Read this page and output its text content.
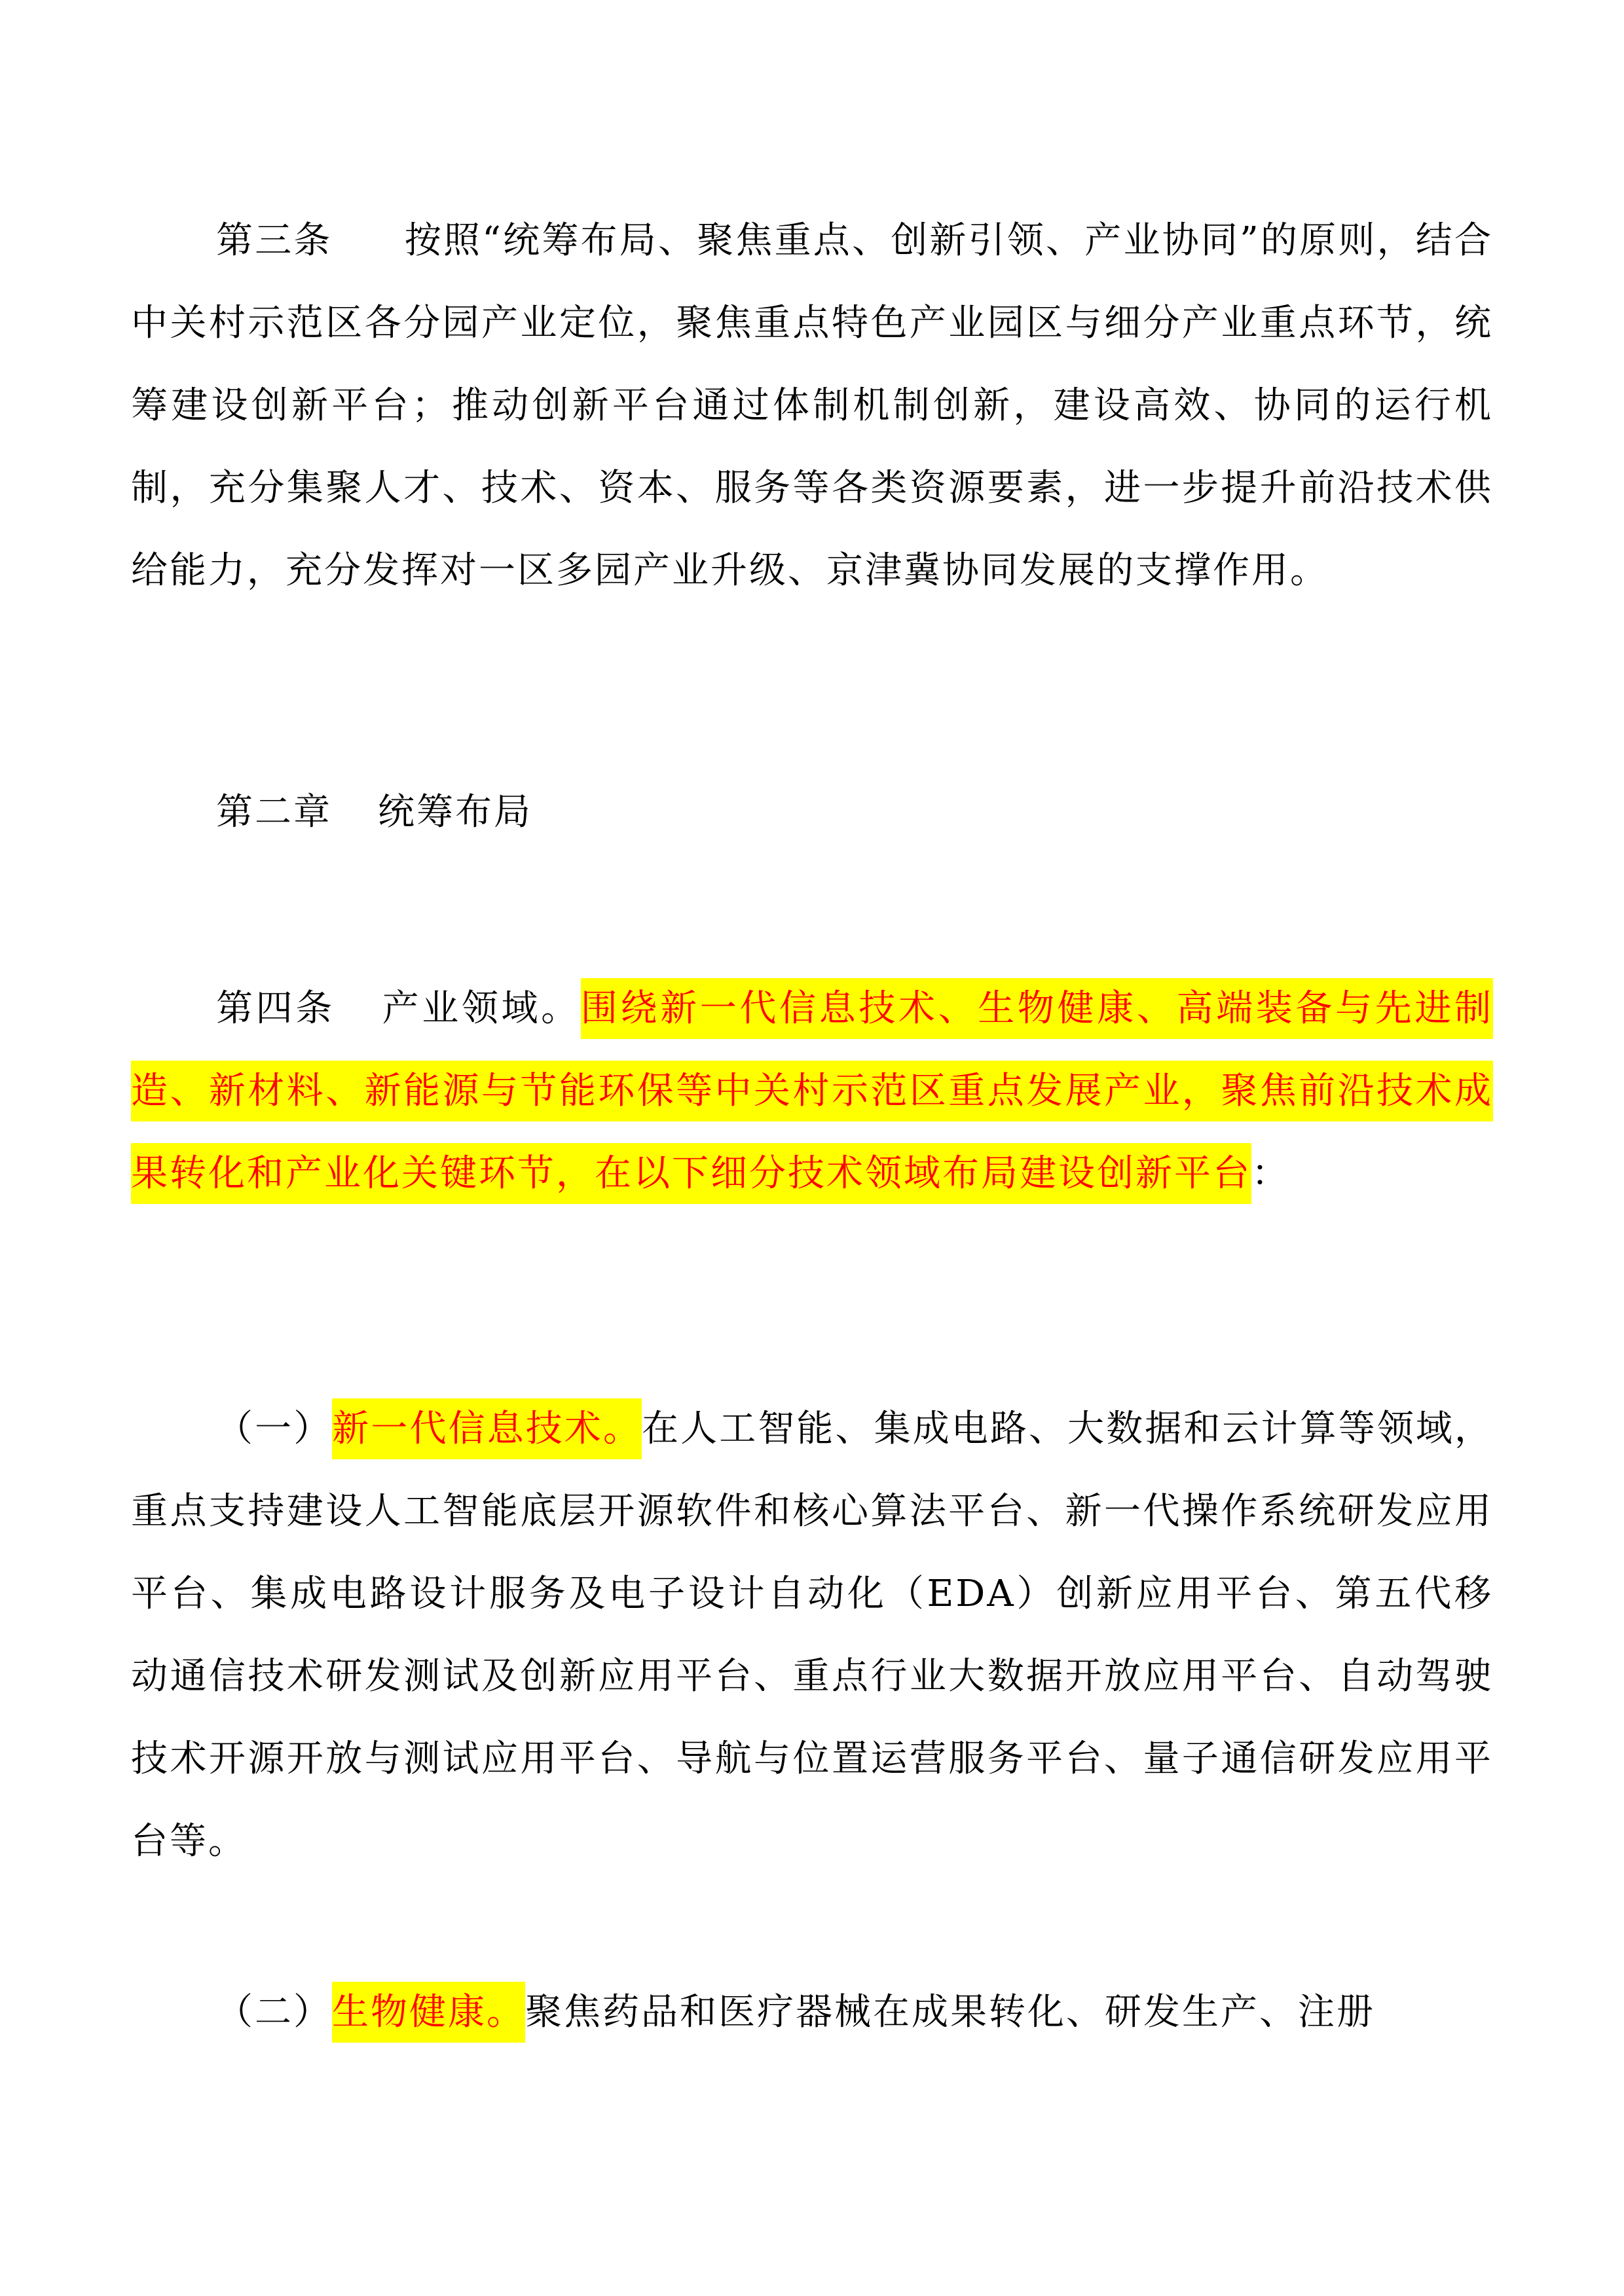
第三条 按照“统筹布局、聚焦重点、创新引领、产业协同”的原则，结合中关村示范区各分园产业定位，聚焦重点特色产业园区与细分产业重点环节，统筹建设创新平台；推动创新平台通过体制机制创新，建设高效、协同的运行机制，充分集聚人才、技术、资本、服务等各类资源要素，进一步提升前沿技术供给能力，充分发挥对一区多园产业升级、京津冀协同发展的支撑作用。

第二章 统筹布局

第四条 产业领域。围绕新一代信息技术、生物健康、高端装备与先进制造、新材料、新能源与节能环保等中关村示范区重点发展产业，聚焦前沿技术成果转化和产业化关键环节，在以下细分技术领域布局建设创新平台：

（一）新一代信息技术。在人工智能、集成电路、大数据和云计算等领域，重点支持建设人工智能底层开源软件和核心算法平台、新一代操作系统研发应用平台、集成电路设计服务及电子设计自动化（EDA）创新应用平台、第五代移动通信技术研发测试及创新应用平台、重点行业大数据开放应用平台、自动驾驶技术开源开放与测试应用平台、导航与位置运营服务平台、量子通信研发应用平台等。

（二）生物健康。聚焦药品和医疗器械在成果转化、研发生产、注册
